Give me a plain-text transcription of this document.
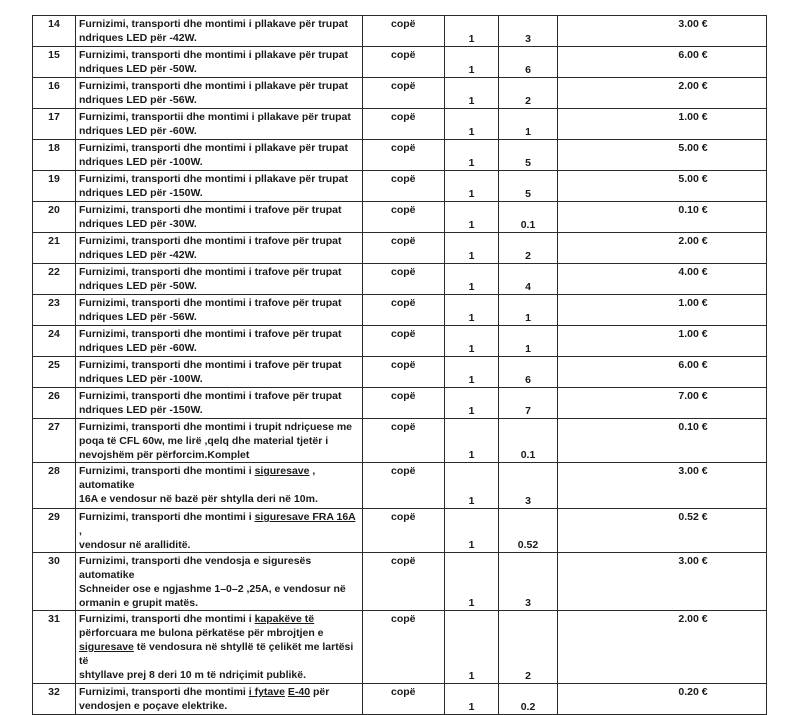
14	Furnizimi, transporti dhe montimi i pllakave për trupat
ndriques LED për -42W.	copë	1	3	3.00 €
15	Furnizimi, transporti dhe montimi i pllakave për trupat
ndriques LED për -50W.	copë	1	6	6.00 €
16	Furnizimi, transporti dhe montimi i pllakave për trupat
ndriques LED për -56W.	copë	1	2	2.00 €
17	Furnizimi, transportii dhe montimi i pllakave për trupat
ndriques LED për -60W.	copë	1	1	1.00 €
18	Furnizimi, transporti dhe montimi i pllakave për trupat
ndriques LED për -100W.	copë	1	5	5.00 €
19	Furnizimi, transporti dhe montimi i pllakave për trupat
ndriques LED për -150W.	copë	1	5	5.00 €
20	Furnizimi, transporti dhe montimi i trafove për trupat
ndriques LED për -30W.	copë	1	0.1	0.10 €
21	Furnizimi, transporti dhe montimi i trafove për trupat
ndriques LED për -42W.	copë	1	2	2.00 €
22	Furnizimi, transporti dhe montimi i trafove për trupat
ndriques LED për -50W.	copë	1	4	4.00 €
23	Furnizimi, transporti dhe montimi i trafove për trupat
ndriques LED për -56W.	copë	1	1	1.00 €
24	Furnizimi, transporti dhe montimi i trafove për trupat
ndriques LED për -60W.	copë	1	1	1.00 €
25	Furnizimi, transporti dhe montimi i trafove për trupat
ndriques LED për -100W.	copë	1	6	6.00 €
26	Furnizimi, transporti dhe montimi i trafove për trupat
ndriques LED për -150W.	copë	1	7	7.00 €
27	Furnizimi, transporti dhe montimi i trupit ndriçuese me
poqa të CFL 60w, me lirë ,qelq dhe material tjetër i
nevojshëm për përforcim.Komplet	copë	1	0.1	0.10 €
28	Furnizimi, transporti dhe montimi i siguresave , automatike
16A e vendosur në bazë për shtylla deri në 10m.	copë	1	3	3.00 €
29	Furnizimi, transporti dhe montimi i siguresave FRA 16A ,
vendosur në aralliditë.	copë	1	0.52	0.52 €
30	Furnizimi, transporti dhe vendosja e siguresës automatike
Schneider ose e ngjashme 1–0–2 ,25A, e vendosur në
ormanin e grupit matës.	copë	1	3	3.00 €
31	Furnizimi, transporti dhe montimi i kapakëve të
përforcuara me bulona përkatëse për mbrojtjen e
siguresave të vendosura në shtyllë të çelikët me lartësi të
shtyllave prej 8 deri 10 m të ndriçimit publikë.	copë	1	2	2.00 €
32	Furnizimi, transporti dhe montimi i fytave E-40 për
vendosjen e poçave elektrike.	copë	1	0.2	0.20 €
